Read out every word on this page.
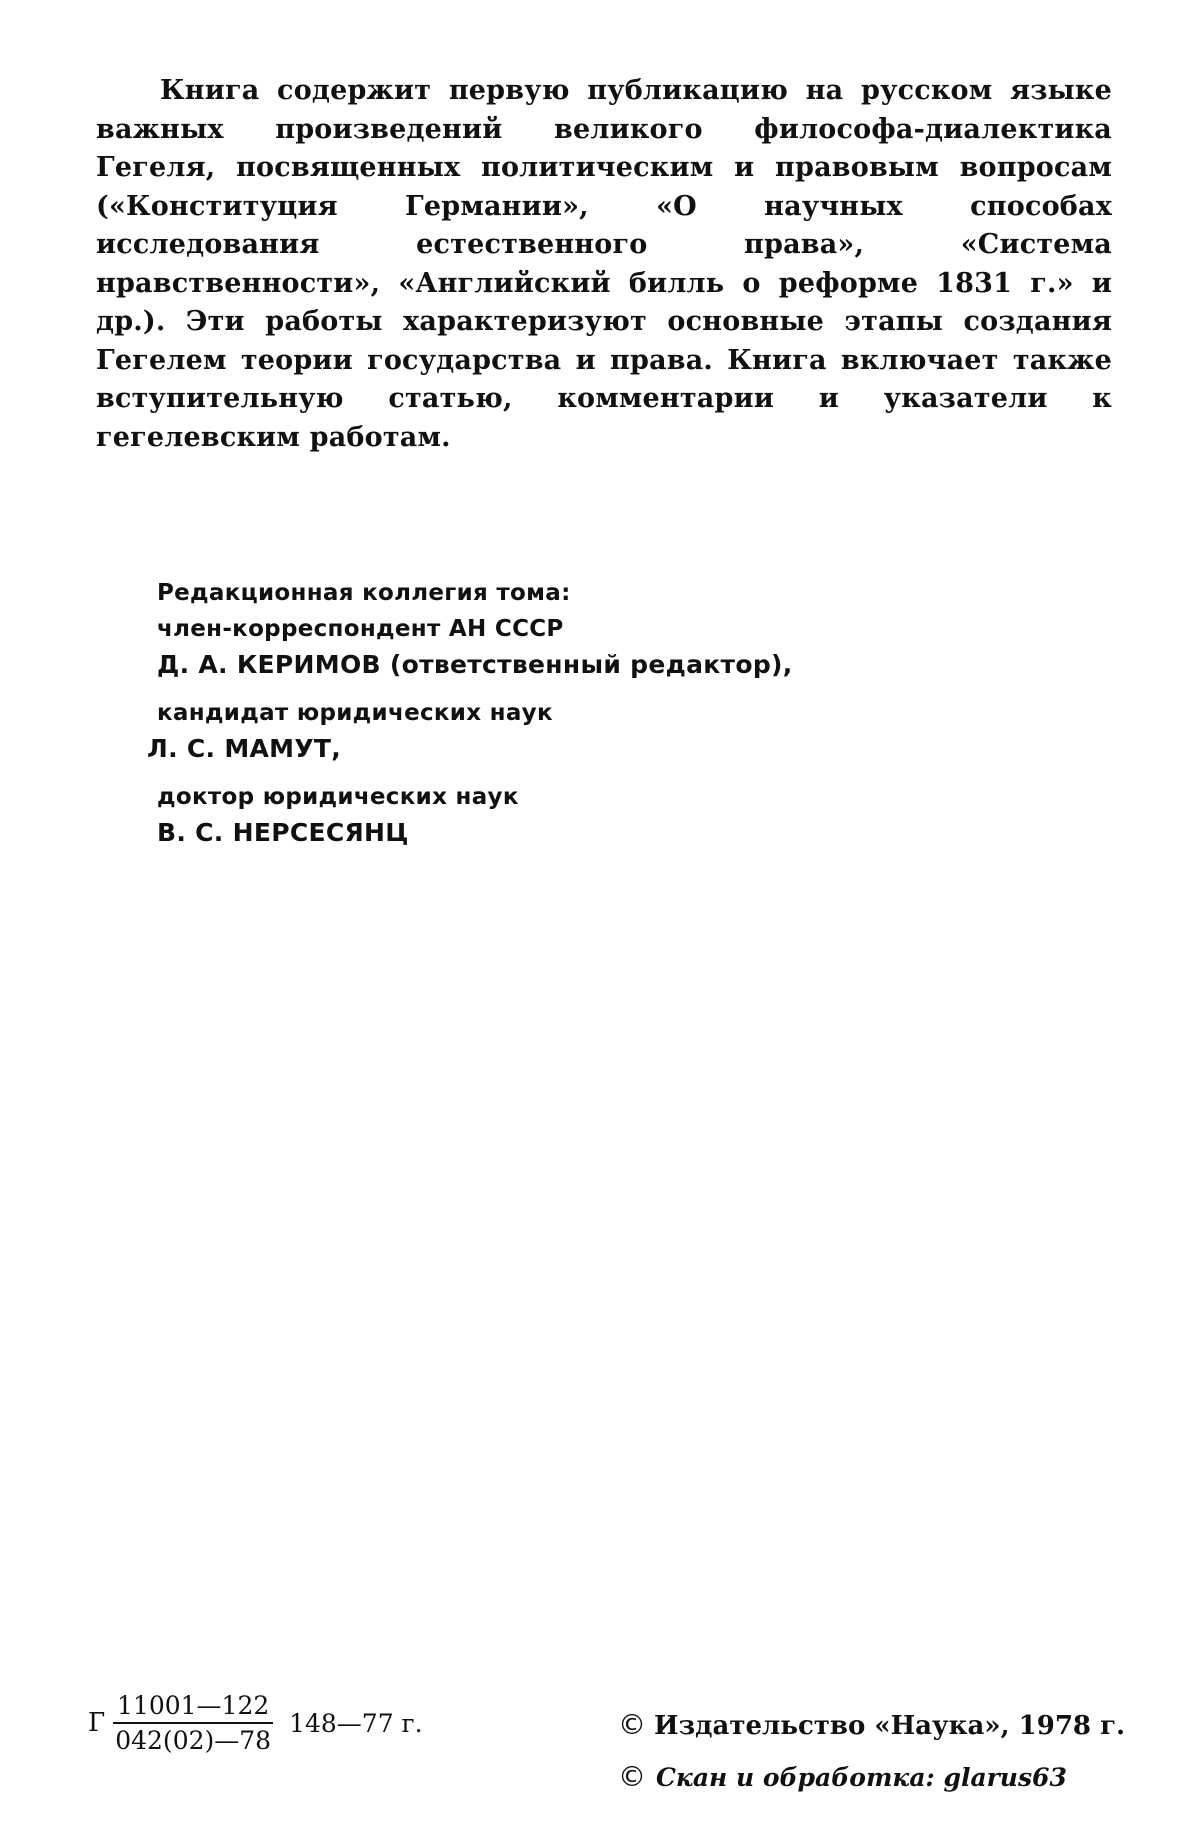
Книга содержит первую публикацию на русском языке важных произведений великого философа-диалектика Гегеля, посвященных политическим и правовым вопросам («Конституция Германии», «О научных способах исследования естественного права», «Система нравственности», «Английский билль о реформе 1831 г.» и др.). Эти работы характеризуют основные этапы создания Гегелем теории государства и права. Книга включает также вступительную статью, комментарии и указатели к гегелевским работам.

Редакционная коллегия тома:

член-корреспондент АН СССР

Д. А. КЕРИМОВ (ответственный редактор),

кандидат юридических наук

Л. С. МАМУТ,

доктор юридических наук

В. С. НЕРСЕСЯНЦ

Г $\frac{11001—122}{042(02)—78}$ 148—77 г.	© Издательство «Наука», 1978 г.
© Скан и обработка: glarus63
